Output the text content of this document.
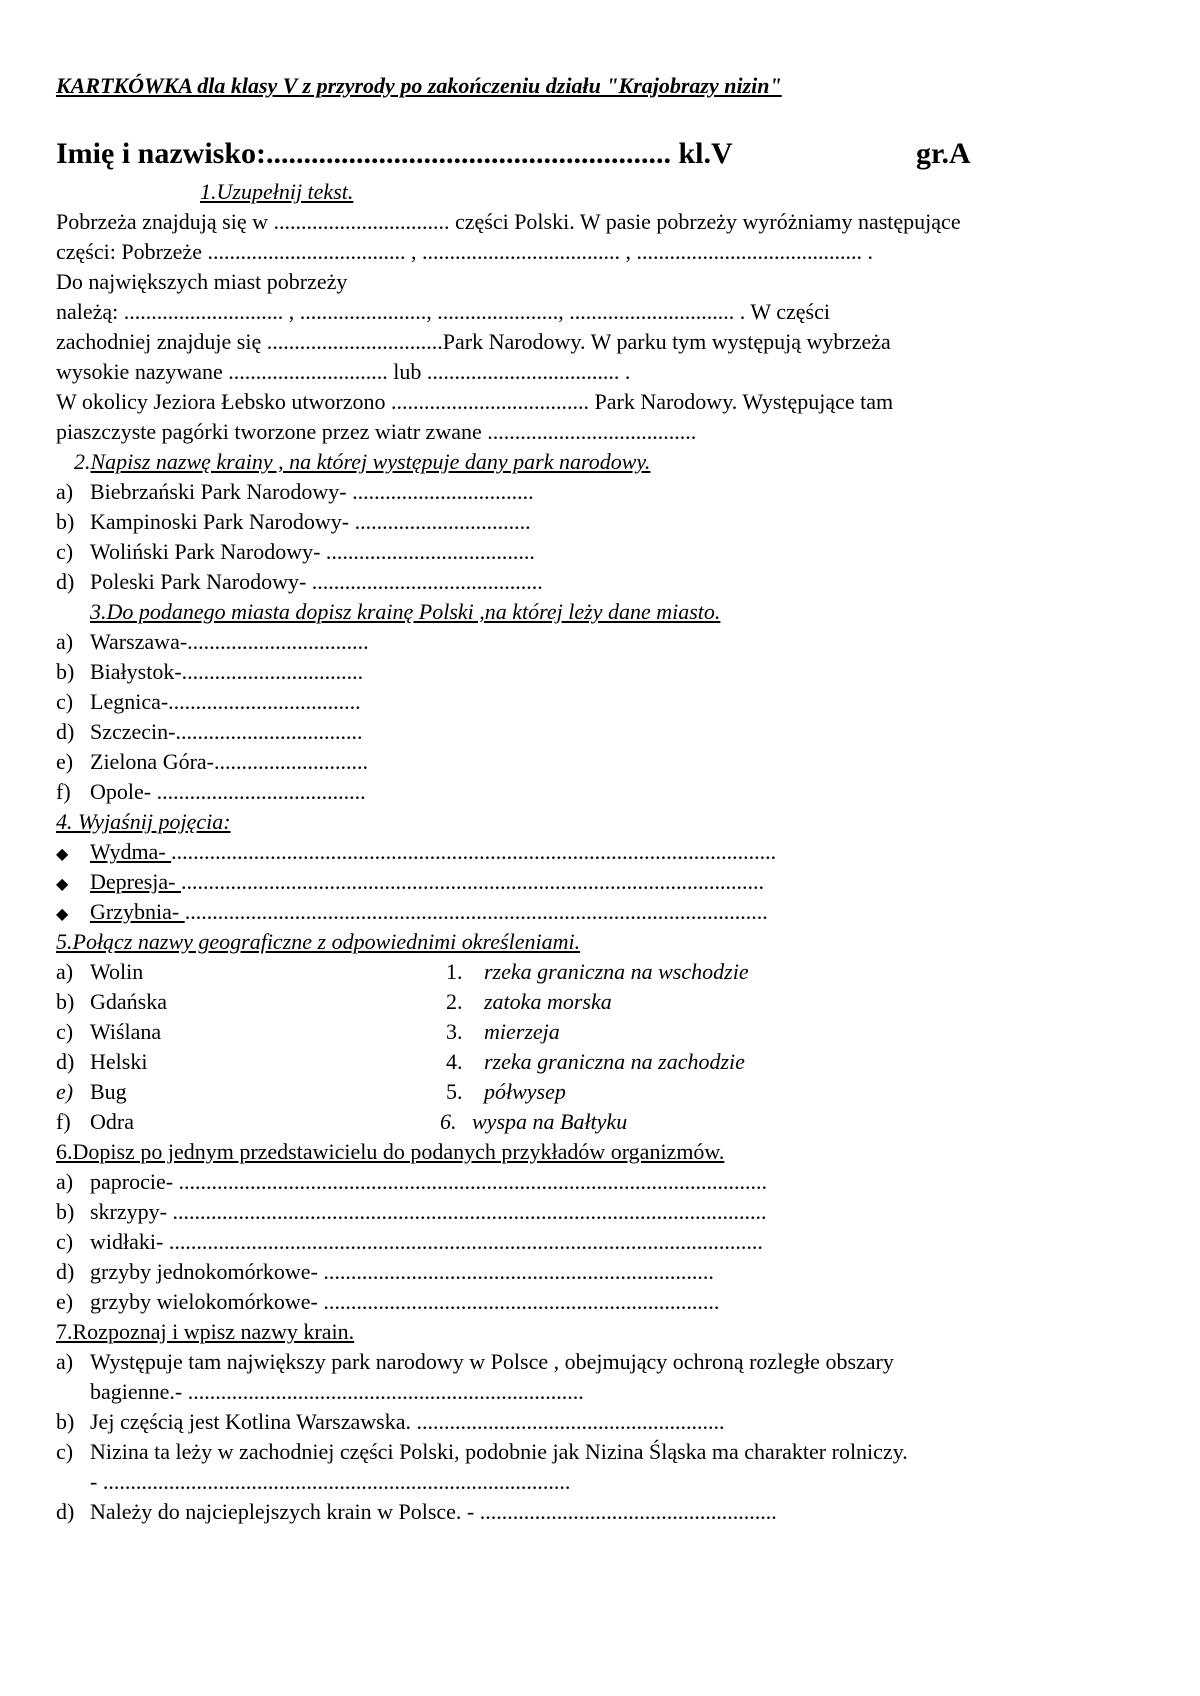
KARTKÓWKA dla klasy V z przyrody po zakończeniu działu "Krajobrazy nizin"
Imię i nazwisko:...................................................... kl.V	gr.A
1.Uzupełnij tekst.
Pobrzeża znajdują się w ................................ części Polski. W pasie pobrzeży wyróżniamy następujące
części: Pobrzeże .................................... , .................................... , ......................................... .
Do największych miast pobrzeży
należą: ............................. , ......................., ......................, .............................. . W części
zachodniej znajduje się ................................Park Narodowy. W parku tym występują wybrzeża
wysokie nazywane ............................. lub ................................... .
W okolicy Jeziora Łebsko utworzono .................................... Park Narodowy. Występujące tam
piaszczyste pagórki tworzone przez wiatr zwane ......................................
2.Napisz nazwę krainy , na której występuje dany park narodowy.
a) Biebrzański Park Narodowy- .................................
b) Kampinoski Park Narodowy- ................................
c) Woliński Park Narodowy- ......................................
d) Poleski Park Narodowy- ..........................................
3.Do podanego miasta dopisz krainę Polski ,na której leży dane miasto.
a) Warszawa-.................................
b) Białystok-.................................
c) Legnica-...................................
d) Szczecin-..................................
e) Zielona Góra-............................
f) Opole- ......................................
4. Wyjaśnij pojęcia:
◆ Wydma- ..............................................................................................................
◆ Depresja- ..........................................................................................................
◆ Grzybnia- ..........................................................................................................
5.Połącz nazwy geograficzne z odpowiednimi określeniami.
a) Wolin	1. rzeka graniczna na wschodzie
b) Gdańska	2. zatoka morska
c) Wiślana	3. mierzeja
d) Helski	4. rzeka graniczna na zachodzie
e) Bug	5. półwysep
f) Odra	6. wyspa na Bałtyku
6.Dopisz po jednym przedstawicielu do podanych przykładów organizmów.
a) paprocie- ...........................................................................................................
b) skrzypy- ............................................................................................................
c) widłaki- ............................................................................................................
d) grzyby jednokomórkowe- .......................................................................
e) grzyby wielokomórkowe- ........................................................................
7.Rozpoznaj i wpisz nazwy krain.
a) Występuje tam największy park narodowy w Polsce , obejmujący ochroną rozległe obszary
bagienne.- ........................................................................
b) Jej częścią jest Kotlina Warszawska. ........................................................
c) Nizina ta leży w zachodniej części Polski, podobnie jak Nizina Śląska ma charakter rolniczy.
- .....................................................................................
d) Należy do najcieplejszych krain w Polsce. - ......................................................
